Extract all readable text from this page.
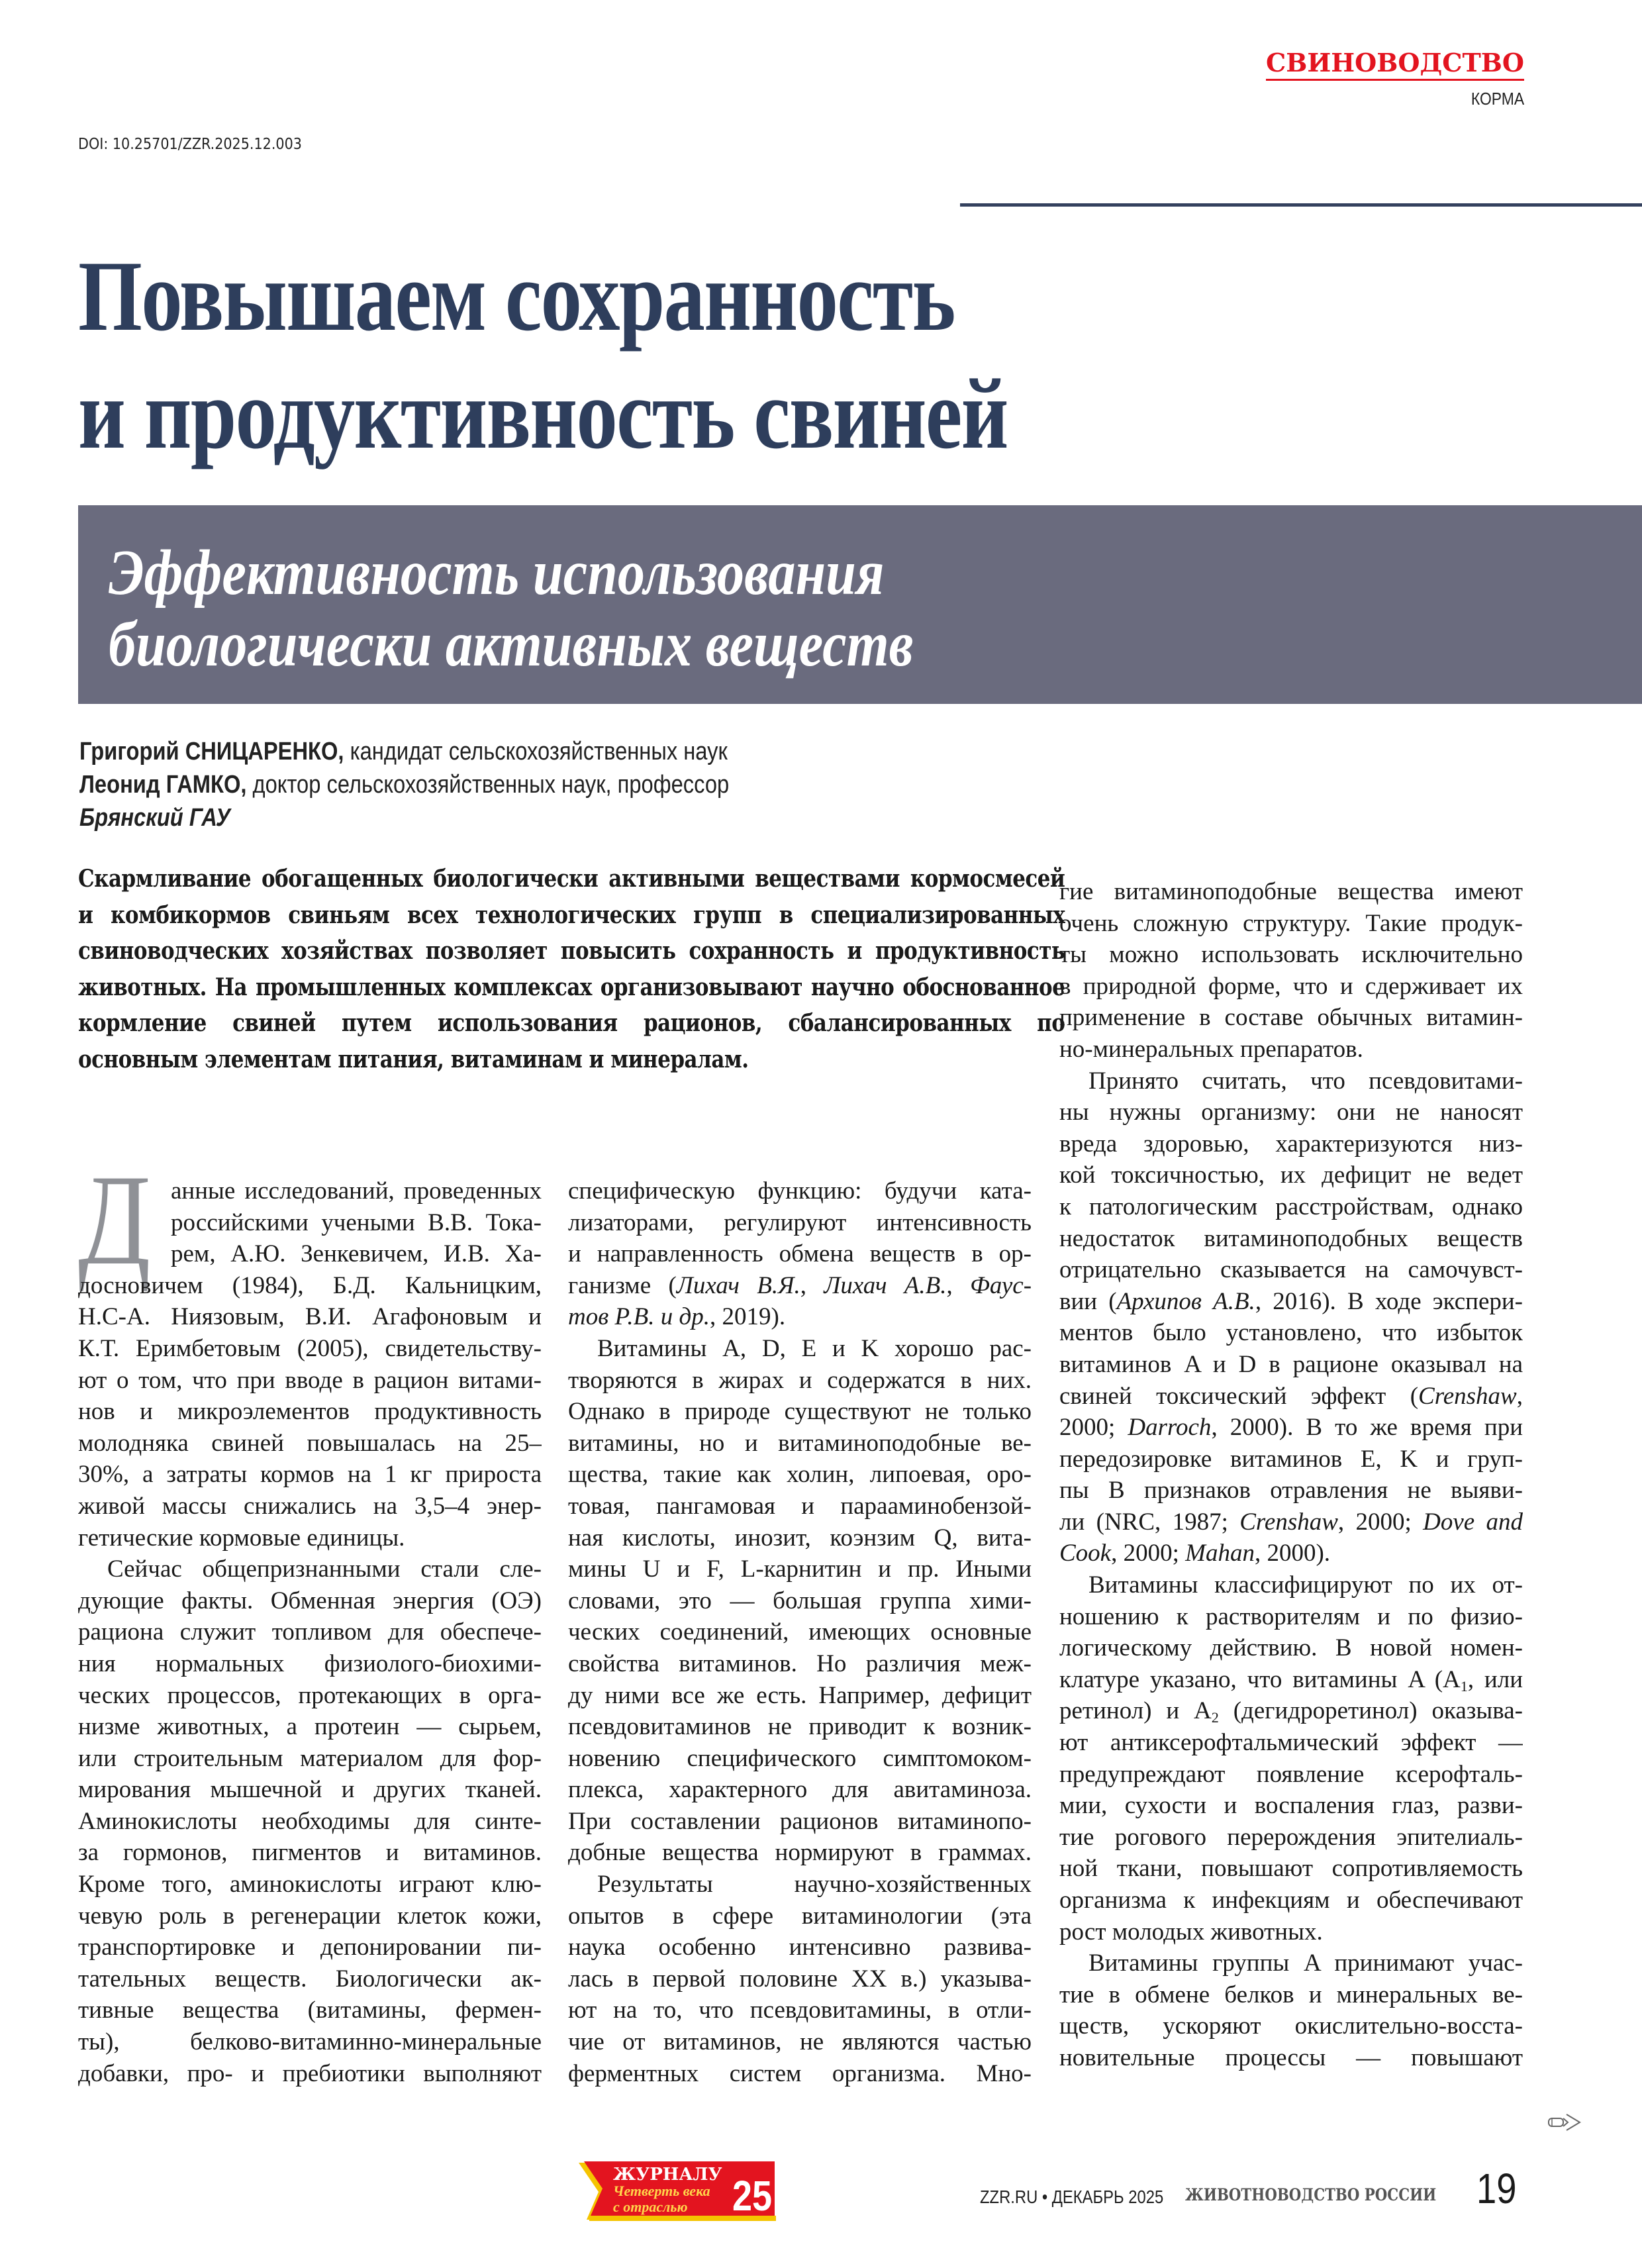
СВИНОВОДСТВО
КОРМА
DOI: 10.25701/ZZR.2025.12.003
Повышаем сохранность
и продуктивность свиней
Эффективность использования
биологически активных веществ
Григорий СНИЦАРЕНКО, кандидат сельскохозяйственных наук
Леонид ГАМКО, доктор сельскохозяйственных наук, профессор
Брянский ГАУ
Скармливание обогащенных биологически активными веществами кормосмесей и комбикормов свиньям всех технологических групп в специализированных свиноводческих хозяйствах позволяет повысить сохранность и продуктивность животных. На промышленных комплексах организовывают научно обоснованное кормление свиней путем использования рационов, сбалансированных по основным элементам питания, витаминам и минералам.
Д анные исследований, проведенных
российскими учеными В.В. Тока-
рем, А.Ю. Зенкевичем, И.В. Ха-
досновичем (1984), Б.Д. Кальницким,
Н.С-А. Ниязовым, В.И. Агафоновым и
К.Т. Еримбетовым (2005), свидетельству-
ют о том, что при вводе в рацион витами-
нов и микроэлементов продуктивность
молодняка свиней повышалась на 25–
30%, а затраты кормов на 1 кг прироста
живой массы снижались на 3,5–4 энер-
гетические кормовые единицы.
Сейчас общепризнанными стали сле-
дующие факты. Обменная энергия (ОЭ)
рациона служит топливом для обеспече-
ния нормальных физиолого-биохими-
ческих процессов, протекающих в орга-
низме животных, а протеин — сырьем,
или строительным материалом для фор-
мирования мышечной и других тканей.
Аминокислоты необходимы для синте-
за гормонов, пигментов и витаминов.
Кроме того, аминокислоты играют клю-
чевую роль в регенерации клеток кожи,
транспортировке и депонировании пи-
тательных веществ. Биологически ак-
тивные вещества (витамины, фермен-
ты), белково-витаминно-минеральные
добавки, про- и пребиотики выполняют
специфическую функцию: будучи ката-
лизаторами, регулируют интенсивность
и направленность обмена веществ в ор-
ганизме (Лихач В.Я., Лихач А.В., Фаус-
тов Р.В. и др., 2019).
Витамины A, D, E и K хорошо рас-
творяются в жирах и содержатся в них.
Однако в природе существуют не только
витамины, но и витаминоподобные ве-
щества, такие как холин, липоевая, оро-
товая, пангамовая и парааминобензой-
ная кислоты, инозит, коэнзим Q, вита-
мины U и F, L-карнитин и пр. Иными
словами, это — большая группа хими-
ческих соединений, имеющих основные
свойства витаминов. Но различия меж-
ду ними все же есть. Например, дефицит
псевдовитаминов не приводит к возник-
новению специфического симптомоком-
плекса, характерного для авитаминоза.
При составлении рационов витаминопо-
добные вещества нормируют в граммах.
Результаты научно-хозяйственных
опытов в сфере витаминологии (эта
наука особенно интенсивно развива-
лась в первой половине XX в.) указыва-
ют на то, что псевдовитамины, в отли-
чие от витаминов, не являются частью
ферментных систем организма. Мно-
гие витаминоподобные вещества имеют
очень сложную структуру. Такие продук-
ты можно использовать исключительно
в природной форме, что и сдерживает их
применение в составе обычных витамин-
но-минеральных препаратов.
Принято считать, что псевдовитами-
ны нужны организму: они не наносят
вреда здоровью, характеризуются низ-
кой токсичностью, их дефицит не ведет
к патологическим расстройствам, однако
недостаток витаминоподобных веществ
отрицательно сказывается на самочувст-
вии (Архипов А.В., 2016). В ходе экспери-
ментов было установлено, что избыток
витаминов A и D в рационе оказывал на
свиней токсический эффект (Crenshaw,
2000; Darroch, 2000). В то же время при
передозировке витаминов E, K и груп-
пы B признаков отравления не выяви-
ли (NRC, 1987; Crenshaw, 2000; Dove and
Cook, 2000; Mahan, 2000).
Витамины классифицируют по их от-
ношению к растворителям и по физио-
логическому действию. В новой номен-
клатуре указано, что витамины A ($A_1$, или
ретинол) и $A_2$ (дегидроретинол) оказыва-
ют антиксерофтальмический эффект —
предупреждают появление ксерофталь-
мии, сухости и воспаления глаз, разви-
тие рогового перерождения эпителиаль-
ной ткани, повышают сопротивляемость
организма к инфекциям и обеспечивают
рост молодых животных.
Витамины группы A принимают учас-
тие в обмене белков и минеральных ве-
ществ, ускоряют окислительно-восста-
новительные процессы — повышают
ЖУРНАЛУ
Четверть века
с отраслью 25	ZZR.RU • ДЕКАБРЬ 2025 ЖИВОТНОВОДСТВО РОССИИ 19
